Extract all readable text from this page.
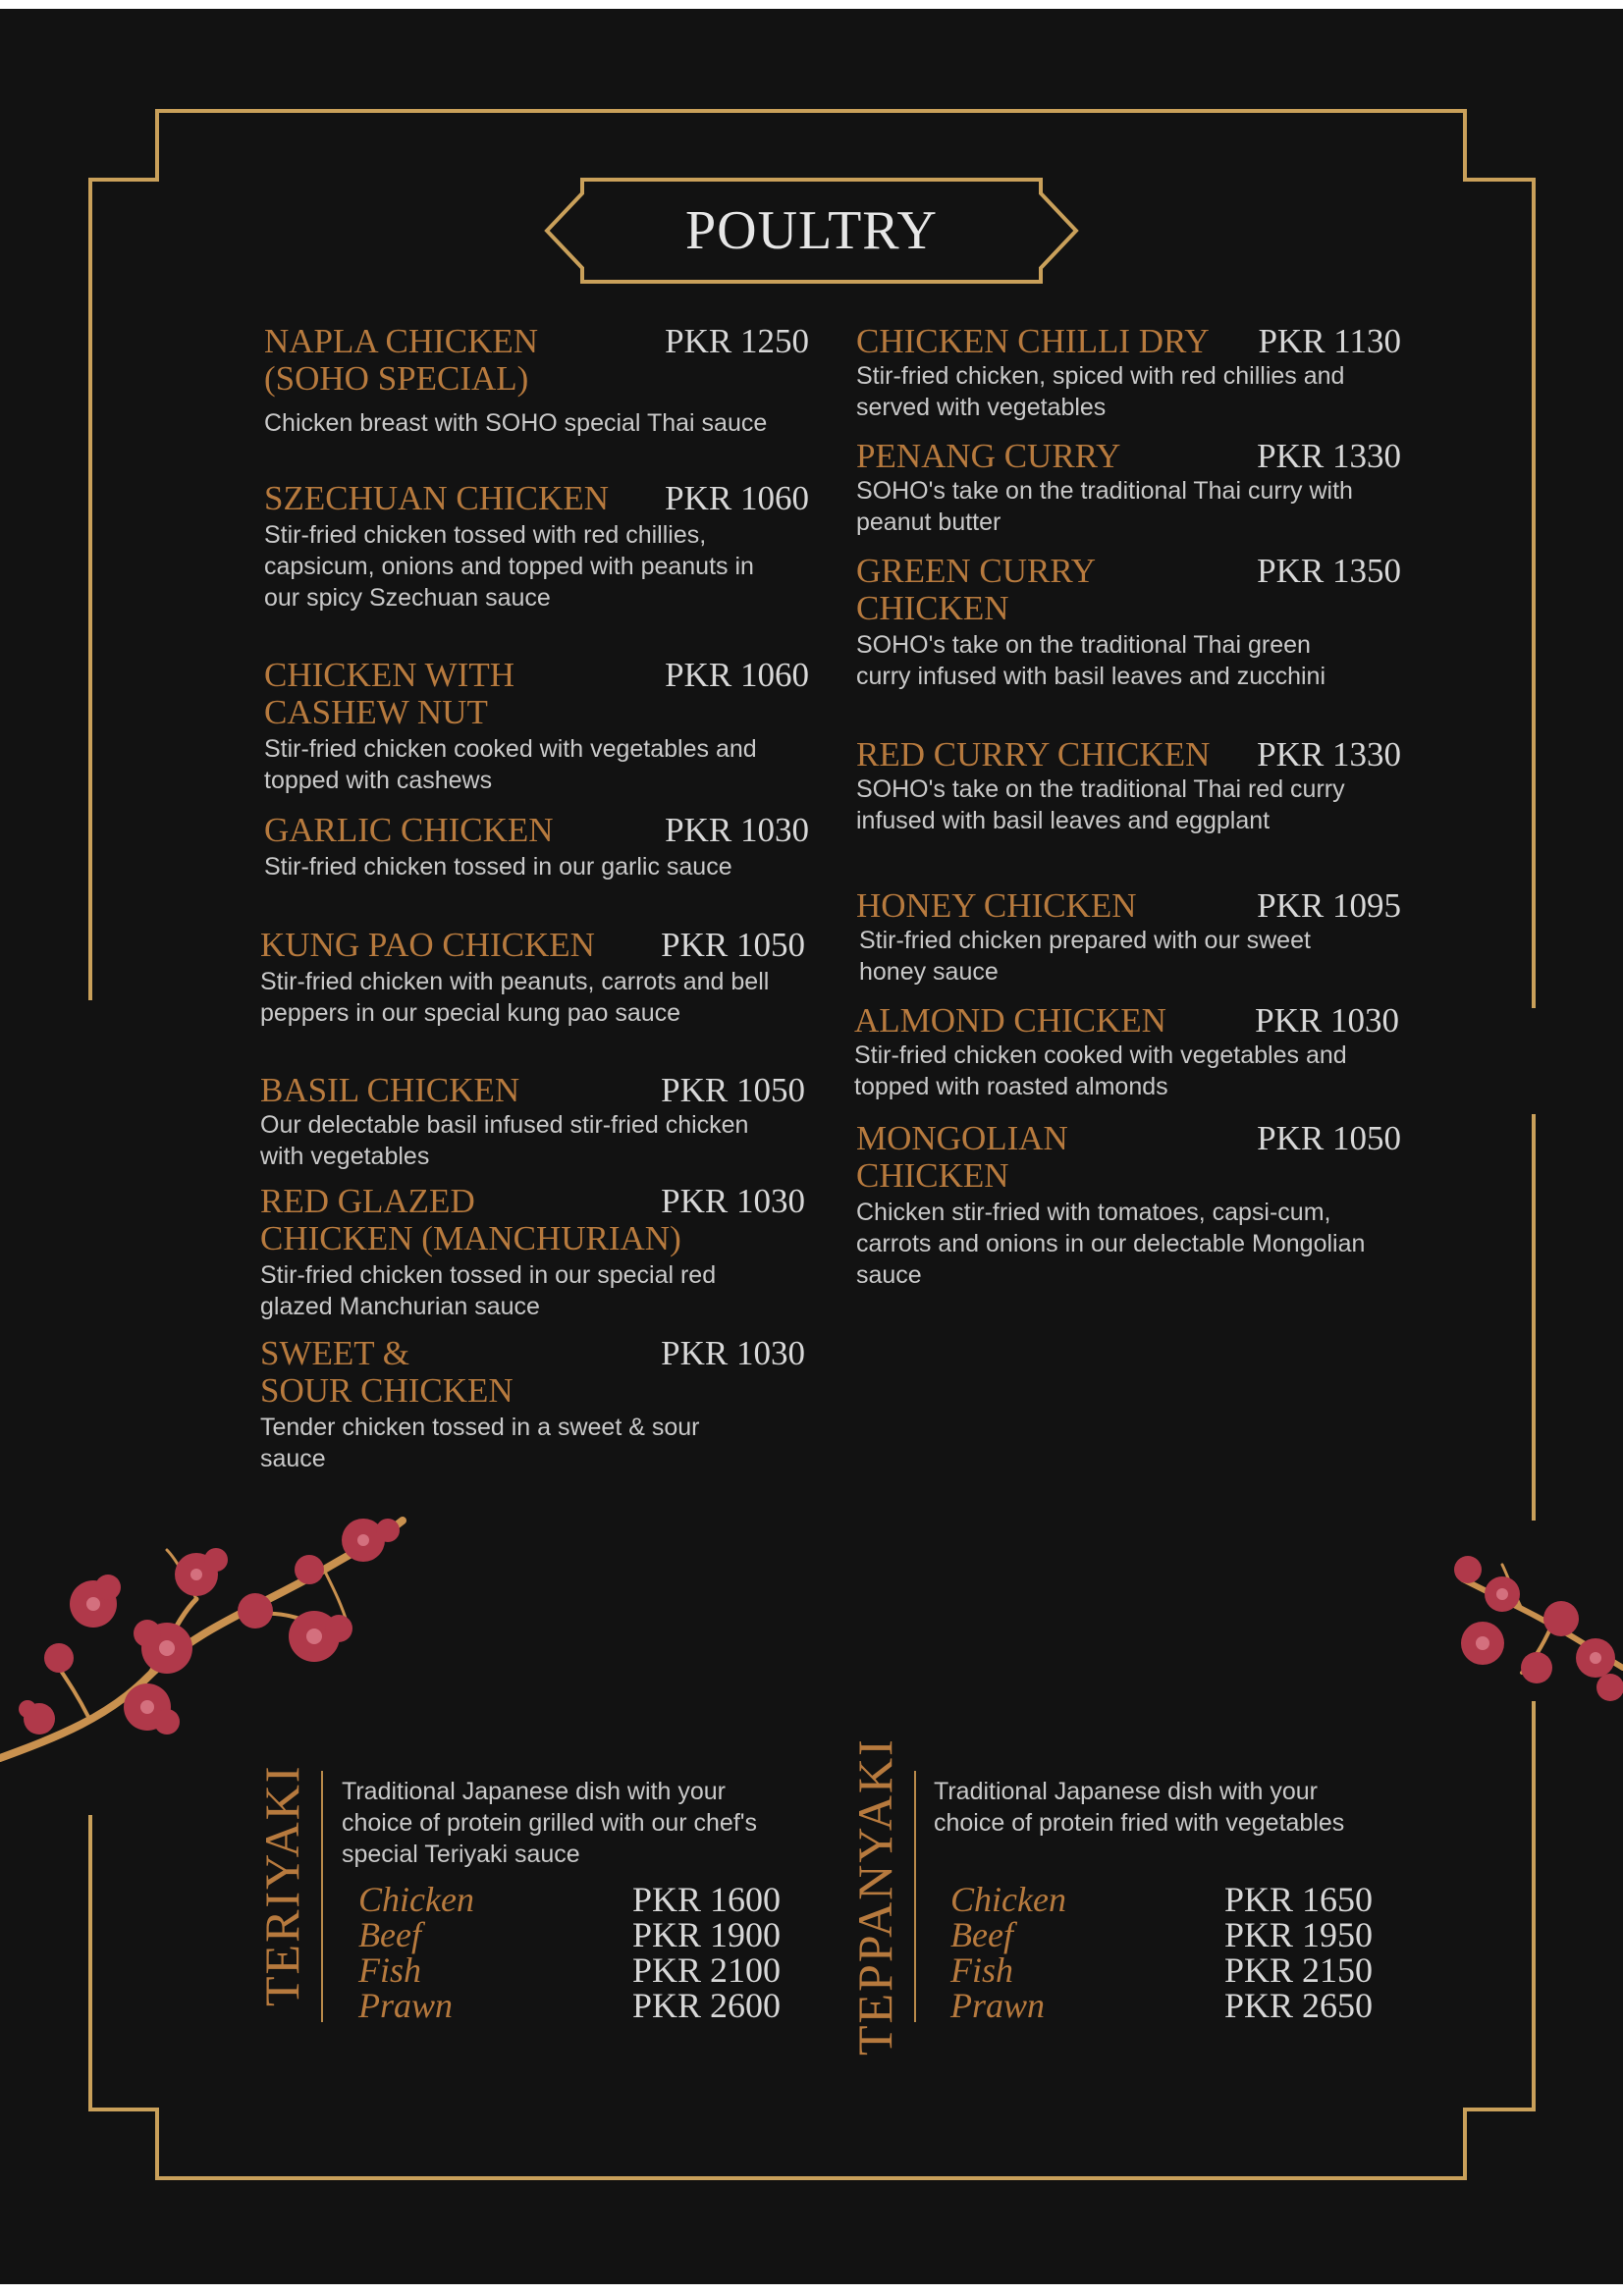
POULTRY
NAPLA CHICKEN
(SOHO SPECIAL)
PKR 1250
Chicken breast with SOHO special Thai sauce
SZECHUAN CHICKEN PKR 1060
Stir-fried chicken tossed with red chillies, capsicum, onions and topped with peanuts in our spicy Szechuan sauce
CHICKEN WITH
CASHEW NUT
PKR 1060
Stir-fried chicken cooked with vegetables and topped with cashews
GARLIC CHICKEN	PKR 1030
Stir-fried chicken tossed in our garlic sauce
KUNG PAO CHICKEN	PKR 1050
Stir-fried chicken with peanuts, carrots and bell peppers in our special kung pao sauce
BASIL CHICKEN	PKR 1050
Our delectable basil infused stir-fried chicken with vegetables
RED GLAZED
CHICKEN (MANCHURIAN)
PKR 1030
Stir-fried chicken tossed in our special red glazed Manchurian sauce
SWEET &
SOUR CHICKEN
PKR 1030
Tender chicken tossed in a sweet & sour sauce
CHICKEN CHILLI DRY	PKR 1130
Stir-fried chicken, spiced with red chillies and served with vegetables
PENANG CURRY	PKR 1330
SOHO's take on the traditional Thai curry with peanut butter
GREEN CURRY
CHICKEN
PKR 1350
SOHO's take on the traditional Thai green curry infused with basil leaves and zucchini
RED CURRY CHICKEN	PKR 1330
SOHO's take on the traditional Thai red curry infused with basil leaves and eggplant
HONEY CHICKEN	PKR 1095
Stir-fried chicken prepared with our sweet honey sauce
ALMOND CHICKEN	PKR 1030
Stir-fried chicken cooked with vegetables and topped with roasted almonds
MONGOLIAN
CHICKEN
PKR 1050
Chicken stir-fried with tomatoes, capsi-cum, carrots and onions in our delectable Mongolian sauce
TERIYAKI Traditional Japanese dish with your choice of protein grilled with our chef's special Teriyaki sauce
Chicken	PKR 1600
Beef	PKR 1900
Fish	PKR 2100
Prawn	PKR 2600 TEPPANYAKI Traditional Japanese dish with your choice of protein fried with vegetables
Chicken	PKR 1650
Beef	PKR 1950
Fish	PKR 2150
Prawn	PKR 2650
